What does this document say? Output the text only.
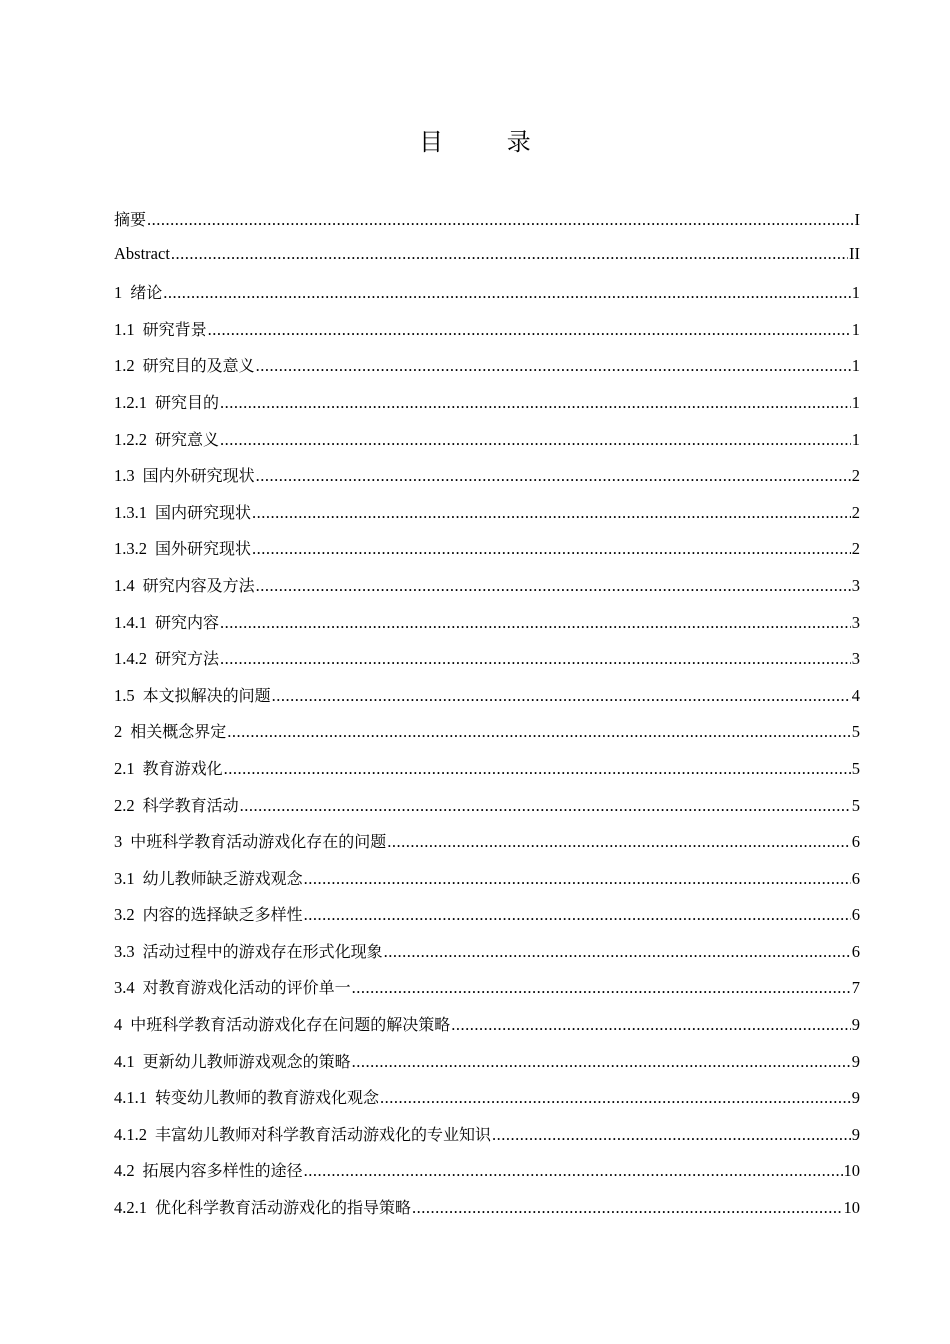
目 录
摘要 .....	I
Abstract .....	II
1 绪论 .....	1
1.1 研究背景 .....	1
1.2 研究目的及意义 .....	1
1.2.1 研究目的 .....	1
1.2.2 研究意义 .....	1
1.3 国内外研究现状 .....	2
1.3.1 国内研究现状 .....	2
1.3.2 国外研究现状 .....	2
1.4 研究内容及方法 .....	3
1.4.1 研究内容 .....	3
1.4.2 研究方法 .....	3
1.5 本文拟解决的问题 .....	4
2 相关概念界定 .....	5
2.1 教育游戏化 .....	5
2.2 科学教育活动 .....	5
3 中班科学教育活动游戏化存在的问题 .....	6
3.1 幼儿教师缺乏游戏观念 .....	6
3.2 内容的选择缺乏多样性 .....	6
3.3 活动过程中的游戏存在形式化现象 .....	6
3.4 对教育游戏化活动的评价单一 .....	7
4 中班科学教育活动游戏化存在问题的解决策略 .....	9
4.1 更新幼儿教师游戏观念的策略 .....	9
4.1.1 转变幼儿教师的教育游戏化观念 .....	9
4.1.2 丰富幼儿教师对科学教育活动游戏化的专业知识 .....	9
4.2 拓展内容多样性的途径 .....	10
4.2.1 优化科学教育活动游戏化的指导策略 .....	10
